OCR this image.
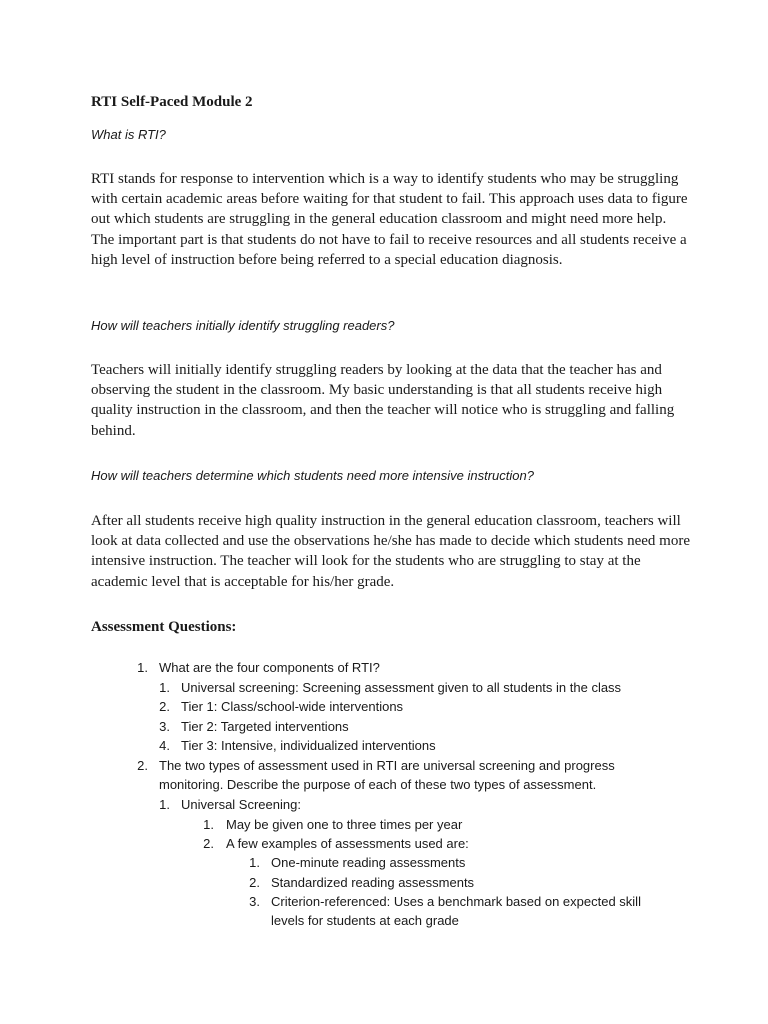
RTI Self-Paced Module 2

What is RTI?

RTI stands for response to intervention which is a way to identify students who may be struggling with certain academic areas before waiting for that student to fail. This approach uses data to figure out which students are struggling in the general education classroom and might need more help. The important part is that students do not have to fail to receive resources and all students receive a high level of instruction before being referred to a special education diagnosis.

How will teachers initially identify struggling readers?

Teachers will initially identify struggling readers by looking at the data that the teacher has and observing the student in the classroom. My basic understanding is that all students receive high quality instruction in the classroom, and then the teacher will notice who is struggling and falling behind.

How will teachers determine which students need more intensive instruction?

After all students receive high quality instruction in the general education classroom, teachers will look at data collected and use the observations he/she has made to decide which students need more intensive instruction. The teacher will look for the students who are struggling to stay at the academic level that is acceptable for his/her grade.

Assessment Questions:

1. What are the four components of RTI?
1. Universal screening: Screening assessment given to all students in the class
2. Tier 1: Class/school-wide interventions
3. Tier 2: Targeted interventions
4. Tier 3: Intensive, individualized interventions
2. The two types of assessment used in RTI are universal screening and progress monitoring. Describe the purpose of each of these two types of assessment.
1. Universal Screening:
1. May be given one to three times per year
2. A few examples of assessments used are:
1. One-minute reading assessments
2. Standardized reading assessments
3. Criterion-referenced: Uses a benchmark based on expected skill levels for students at each grade
